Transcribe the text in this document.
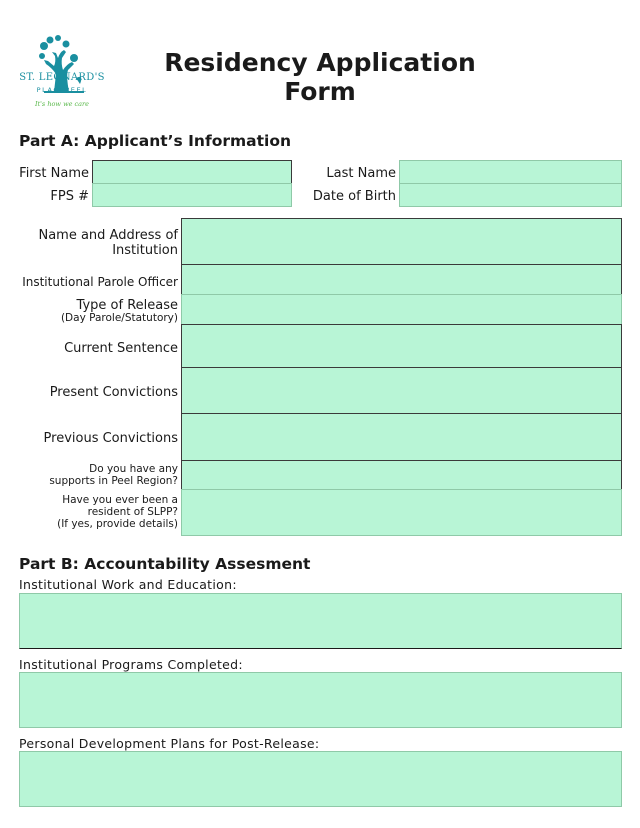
ST. LEONARD'S
PLACEPEEL
It's how we care
Residency Application Form
Part A: Applicant’s Information
First Name	Last Name
FPS #	Date of Birth
Name and Address of
Institution
Institutional Parole Officer
Type of Release
(Day Parole/Statutory)
Current Sentence
Present Convictions
Previous Convictions
Do you have any
supports in Peel Region?
Have you ever been a
resident of SLPP?
(If yes, provide details)
Part B: Accountability Assesment
Institutional Work and Education:
Institutional Programs Completed:
Personal Development Plans for Post-Release:
